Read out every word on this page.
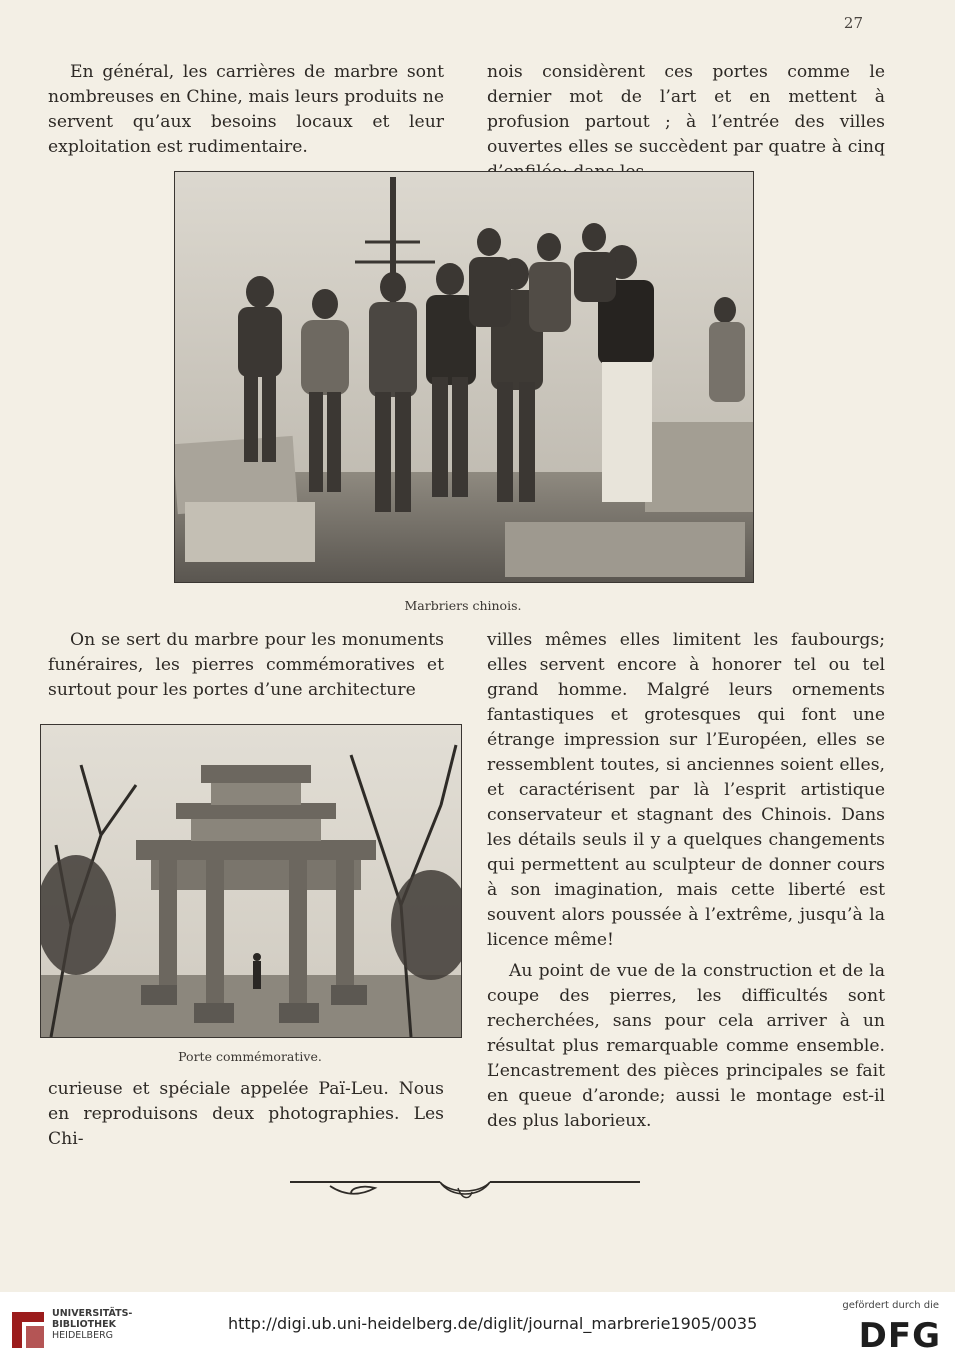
27

En général, les carrières de marbre sont nombreuses en Chine, mais leurs produits ne servent qu’aux besoins locaux et leur exploitation est rudimentaire.

nois considèrent ces portes comme le dernier mot de l’art et en mettent à profusion partout ; à l’entrée des villes ouvertes elles se succèdent par quatre à cinq

Marbriers chinois.

On se sert du marbre pour les monuments funéraires, les pierres commémoratives et surtout pour les portes d’une architecture

Porte commémorative.

curieuse et spéciale appelée Paï-Leu. Nous en reproduisons deux photographies. Les Chi-

villes mêmes elles limitent les faubourgs; elles servent encore à honorer tel ou tel grand homme. Malgré leurs ornements fantastiques et grotesques qui font une étrange impression sur l’Européen, elles se ressemblent toutes, si anciennes soient elles, et caractérisent par là l’esprit artistique conservateur et stagnant des Chinois. Dans les détails seuls il y a quelques changements qui permettent au sculpteur de donner cours à son imagination, mais cette liberté est souvent alors poussée à l’extrême, jusqu’à la licence même!

Au point de vue de la construction et de la coupe des pierres, les difficultés sont recherchées, sans pour cela arriver à un résultat plus remarquable comme ensemble. L’encastrement des pièces principales se fait en queue d’aronde; aussi le montage est-il des plus laborieux.

UNIVERSITÄTS-
BIBLIOTHEK
HEIDELBERG
http://digi.ub.uni-heidelberg.de/diglit/journal_marbrerie1905/0035
gefördert durch die
DFG
